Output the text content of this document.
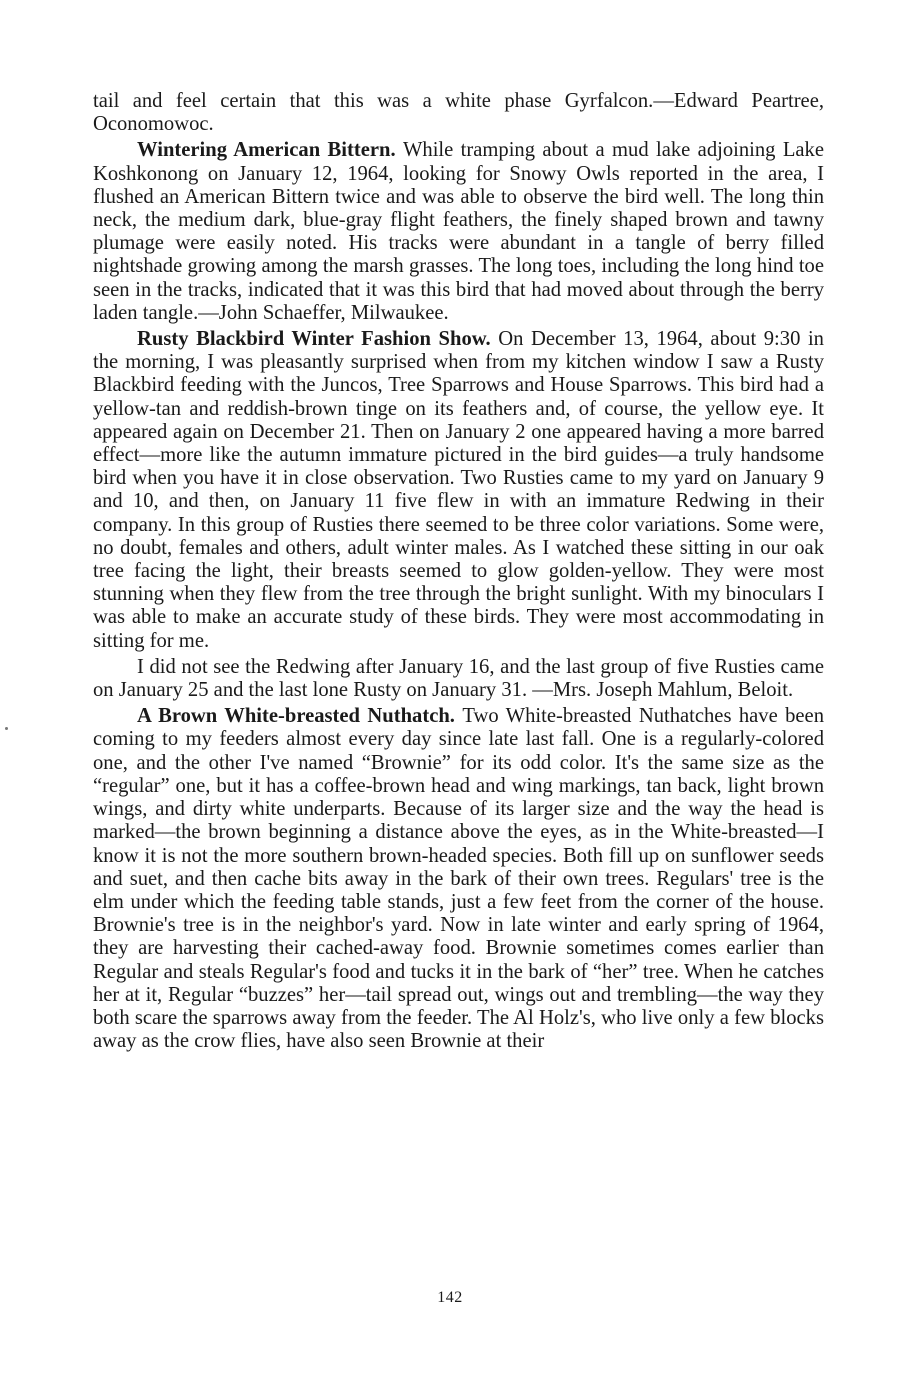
tail and feel certain that this was a white phase Gyrfalcon.—Edward Peartree, Oconomowoc.

Wintering American Bittern. While tramping about a mud lake adjoining Lake Koshkonong on January 12, 1964, looking for Snowy Owls reported in the area, I flushed an American Bittern twice and was able to observe the bird well. The long thin neck, the medium dark, blue-gray flight feathers, the finely shaped brown and tawny plumage were easily noted. His tracks were abundant in a tangle of berry filled nightshade growing among the marsh grasses. The long toes, including the long hind toe seen in the tracks, indicated that it was this bird that had moved about through the berry laden tangle.—John Schaeffer, Milwaukee.

Rusty Blackbird Winter Fashion Show. On December 13, 1964, about 9:30 in the morning, I was pleasantly surprised when from my kitchen window I saw a Rusty Blackbird feeding with the Juncos, Tree Sparrows and House Sparrows. This bird had a yellow-tan and reddish-brown tinge on its feathers and, of course, the yellow eye. It appeared again on December 21. Then on January 2 one appeared having a more barred effect—more like the autumn immature pictured in the bird guides—a truly handsome bird when you have it in close observation. Two Rusties came to my yard on January 9 and 10, and then, on January 11 five flew in with an immature Redwing in their company. In this group of Rusties there seemed to be three color variations. Some were, no doubt, females and others, adult winter males. As I watched these sitting in our oak tree facing the light, their breasts seemed to glow golden-yellow. They were most stunning when they flew from the tree through the bright sunlight. With my binoculars I was able to make an accurate study of these birds. They were most accommodating in sitting for me.

I did not see the Redwing after January 16, and the last group of five Rusties came on January 25 and the last lone Rusty on January 31. —Mrs. Joseph Mahlum, Beloit.

A Brown White-breasted Nuthatch. Two White-breasted Nuthatches have been coming to my feeders almost every day since late last fall. One is a regularly-colored one, and the other I've named “Brownie” for its odd color. It's the same size as the “regular” one, but it has a coffee-brown head and wing markings, tan back, light brown wings, and dirty white underparts. Because of its larger size and the way the head is marked—the brown beginning a distance above the eyes, as in the White-breasted—I know it is not the more southern brown-headed species. Both fill up on sunflower seeds and suet, and then cache bits away in the bark of their own trees. Regulars' tree is the elm under which the feeding table stands, just a few feet from the corner of the house. Brownie's tree is in the neighbor's yard. Now in late winter and early spring of 1964, they are harvesting their cached-away food. Brownie sometimes comes earlier than Regular and steals Regular's food and tucks it in the bark of “her” tree. When he catches her at it, Regular “buzzes” her—tail spread out, wings out and trembling—the way they both scare the sparrows away from the feeder. The Al Holz's, who live only a few blocks away as the crow flies, have also seen Brownie at their

142
